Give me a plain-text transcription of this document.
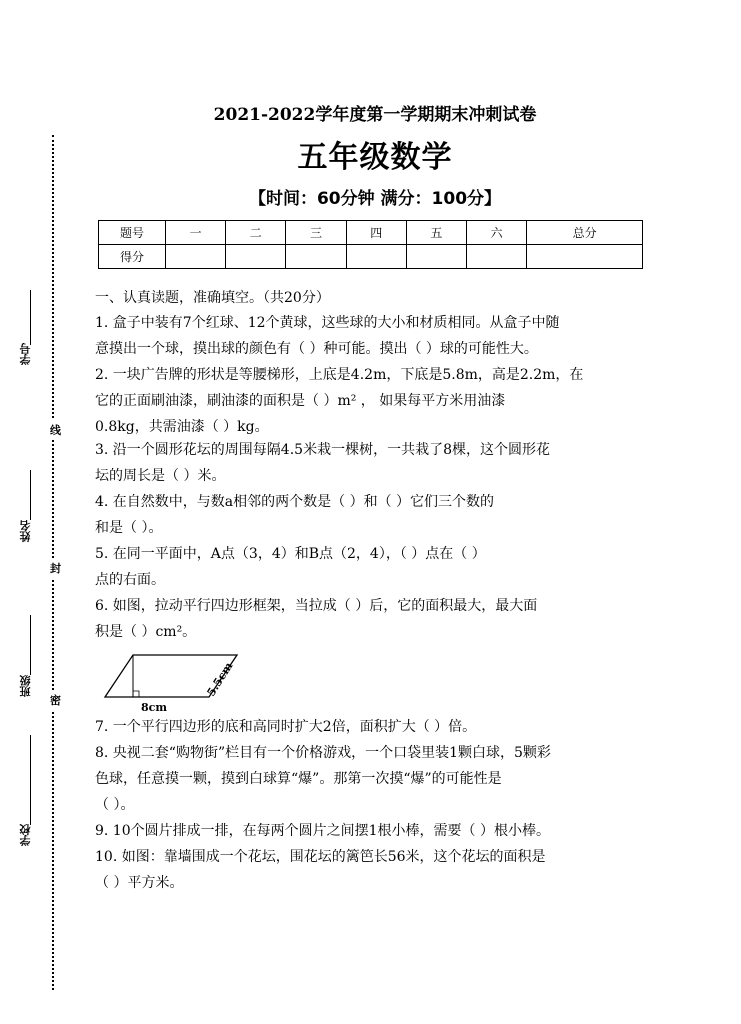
学号
姓名
班级
学校
线
封
密
2021-2022学年度第一学期期末冲刺试卷
五年级数学
【时间：60分钟 满分：100分】
题号	一	二	三	四	五	六	总分
得分							
一、认真读题，准确填空。（共20分）
1. 盒子中装有7个红球、12个黄球，这些球的大小和材质相同。从盒子中随
意摸出一个球，摸出球的颜色有（ ）种可能。摸出（ ）球的可能性大。
2. 一块广告牌的形状是等腰梯形，上底是4.2m，下底是5.8m，高是2.2m，在
它的正面刷油漆，刷油漆的面积是（ ）m² ， 如果每平方米用油漆
0.8kg，共需油漆（ ）kg。
3. 沿一个圆形花坛的周围每隔4.5米栽一棵树，一共栽了8棵，这个圆形花
坛的周长是（ ）米。
4. 在自然数中，与数a相邻的两个数是（ ）和（ ）它们三个数的
和是（ ）。
5. 在同一平面中，A点（3，4）和B点（2，4），（ ）点在（ ）
点的右面。
6. 如图，拉动平行四边形框架，当拉成（ ）后，它的面积最大，最大面
积是（ ）cm²。
8cm
5.5cm
7. 一个平行四边形的底和高同时扩大2倍，面积扩大（ ）倍。
8. 央视二套“购物街”栏目有一个价格游戏，一个口袋里装1颗白球，5颗彩
色球，任意摸一颗，摸到白球算“爆”。那第一次摸“爆”的可能性是
（ ）。
9. 10个圆片排成一排，在每两个圆片之间摆1根小棒，需要（ ）根小棒。
10. 如图：靠墙围成一个花坛，围花坛的篱笆长56米，这个花坛的面积是
（ ）平方米。
